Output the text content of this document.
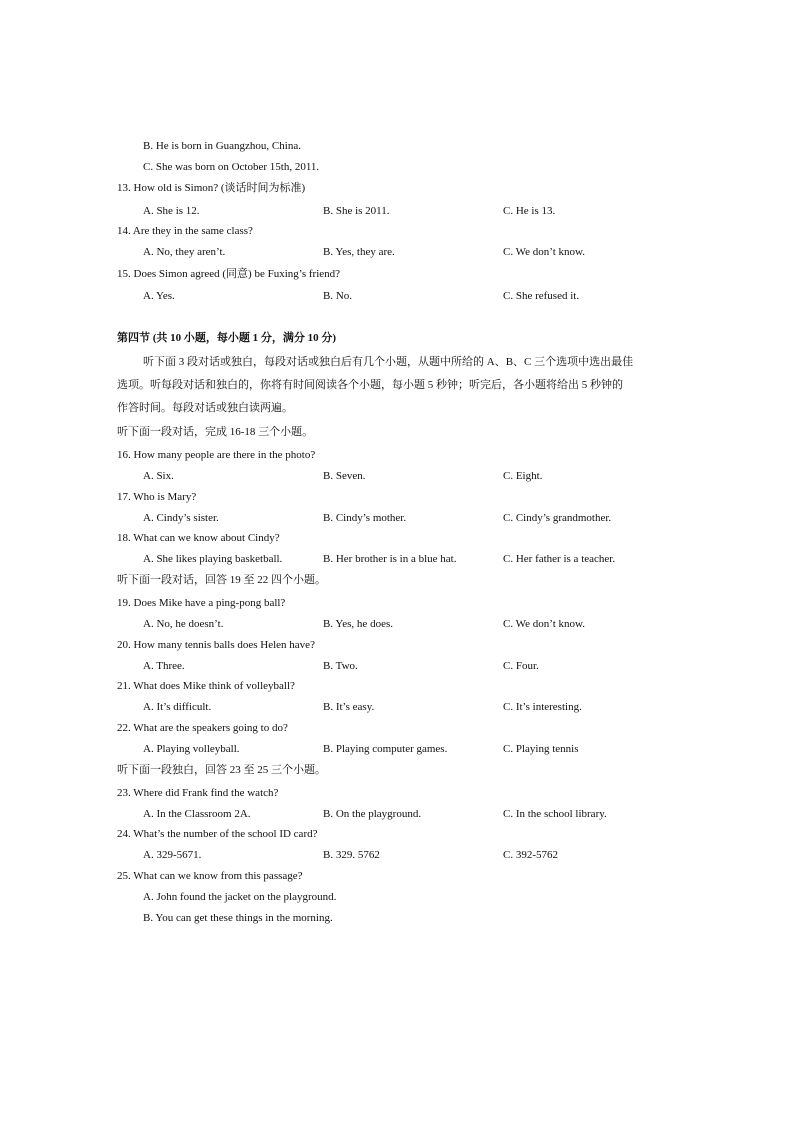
B. He is born in Guangzhou, China.
C. She was born on October 15th, 2011.
13. How old is Simon? (谈话时间为标准)
A. She is 12.	B. She is 2011.	C. He is 13.
14. Are they in the same class?
A. No, they aren’t.	B. Yes, they are.	C. We don’t know.
15. Does Simon agreed (同意) be Fuxing’s friend?
A. Yes.	B. No.	C. She refused it.
第四节 (共 10 小题，每小题 1 分，满分 10 分)
听下面 3 段对话或独白，每段对话或独白后有几个小题，从题中所给的 A、B、C 三个选项中选出最佳
选项。听每段对话和独白的，你将有时间阅读各个小题，每小题 5 秒钟；听完后，各小题将给出 5 秒钟的
作答时间。每段对话或独白读两遍。
听下面一段对话，完成 16-18 三个小题。
16. How many people are there in the photo?
A. Six.	B. Seven.	C. Eight.
17. Who is Mary?
A. Cindy’s sister.	B. Cindy’s mother.	C. Cindy’s grandmother.
18. What can we know about Cindy?
A. She likes playing basketball.	B. Her brother is in a blue hat.	C. Her father is a teacher.
听下面一段对话，回答 19 至 22 四个小题。
19. Does Mike have a ping-pong ball?
A. No, he doesn’t.	B. Yes, he does.	C. We don’t know.
20. How many tennis balls does Helen have?
A. Three.	B. Two.	C. Four.
21. What does Mike think of volleyball?
A. It’s difficult.	B. It’s easy.	C. It’s interesting.
22. What are the speakers going to do?
A. Playing volleyball.	B. Playing computer games.	C. Playing tennis
听下面一段独白，回答 23 至 25 三个小题。
23. Where did Frank find the watch?
A. In the Classroom 2A.	B. On the playground.	C. In the school library.
24. What’s the number of the school ID card?
A. 329-5671.	B. 329. 5762	C. 392-5762
25. What can we know from this passage?
A. John found the jacket on the playground.
B. You can get these things in the morning.
